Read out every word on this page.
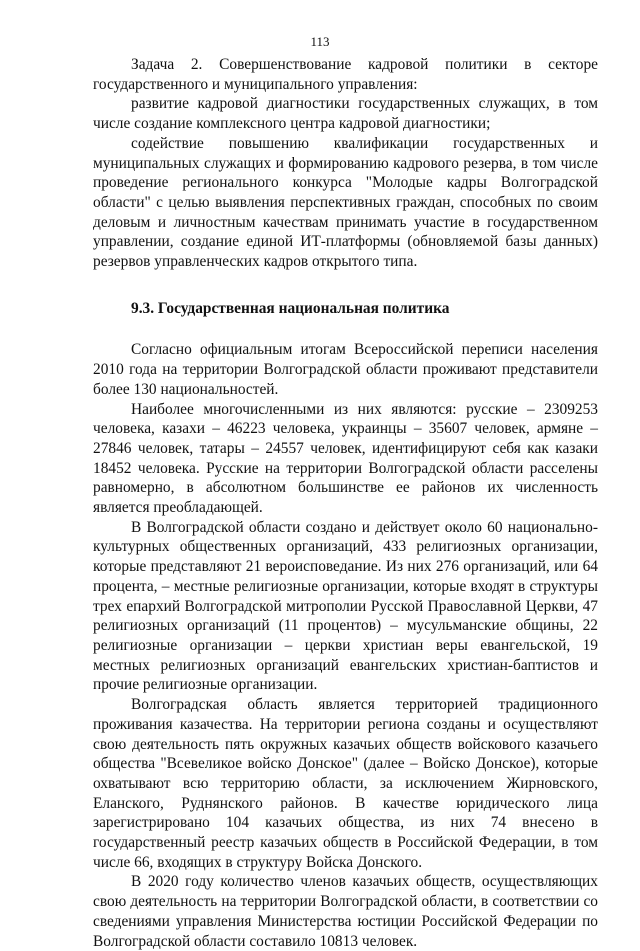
113

Задача 2. Совершенствование кадровой политики в секторе государственного и муниципального управления:

развитие кадровой диагностики государственных служащих, в том числе создание комплексного центра кадровой диагностики;

содействие повышению квалификации государственных и муниципальных служащих и формированию кадрового резерва, в том числе проведение регионального конкурса "Молодые кадры Волгоградской области" с целью выявления перспективных граждан, способных по своим деловым и личностным качествам принимать участие в государственном управлении, создание единой ИТ-платформы (обновляемой базы данных) резервов управленческих кадров открытого типа.

9.3. Государственная национальная политика

Согласно официальным итогам Всероссийской переписи населения 2010 года на территории Волгоградской области проживают представители более 130 национальностей.

Наиболее многочисленными из них являются: русские – 2309253 человека, казахи – 46223 человека, украинцы – 35607 человек, армяне – 27846 человек, татары – 24557 человек, идентифицируют себя как казаки 18452 человека. Русские на территории Волгоградской области расселены равномерно, в абсолютном большинстве ее районов их численность является преобладающей.

В Волгоградской области создано и действует около 60 национально-культурных общественных организаций, 433 религиозных организации, которые представляют 21 вероисповедание. Из них 276 организаций, или 64 процента, – местные религиозные организации, которые входят в структуры трех епархий Волгоградской митрополии Русской Православной Церкви, 47 религиозных организаций (11 процентов) – мусульманские общины, 22 религиозные организации – церкви христиан веры евангельской, 19 местных религиозных организаций евангельских христиан-баптистов и прочие религиозные организации.

Волгоградская область является территорией традиционного проживания казачества. На территории региона созданы и осуществляют свою деятельность пять окружных казачьих обществ войскового казачьего общества "Всевеликое войско Донское" (далее – Войско Донское), которые охватывают всю территорию области, за исключением Жирновского, Еланского, Руднянского районов. В качестве юридического лица зарегистрировано 104 казачьих общества, из них 74 внесено в государственный реестр казачьих обществ в Российской Федерации, в том числе 66, входящих в структуру Войска Донского.

В 2020 году количество членов казачьих обществ, осуществляющих свою деятельность на территории Волгоградской области, в соответствии со сведениями управления Министерства юстиции Российской Федерации по Волгоградской области составило 10813 человек.
